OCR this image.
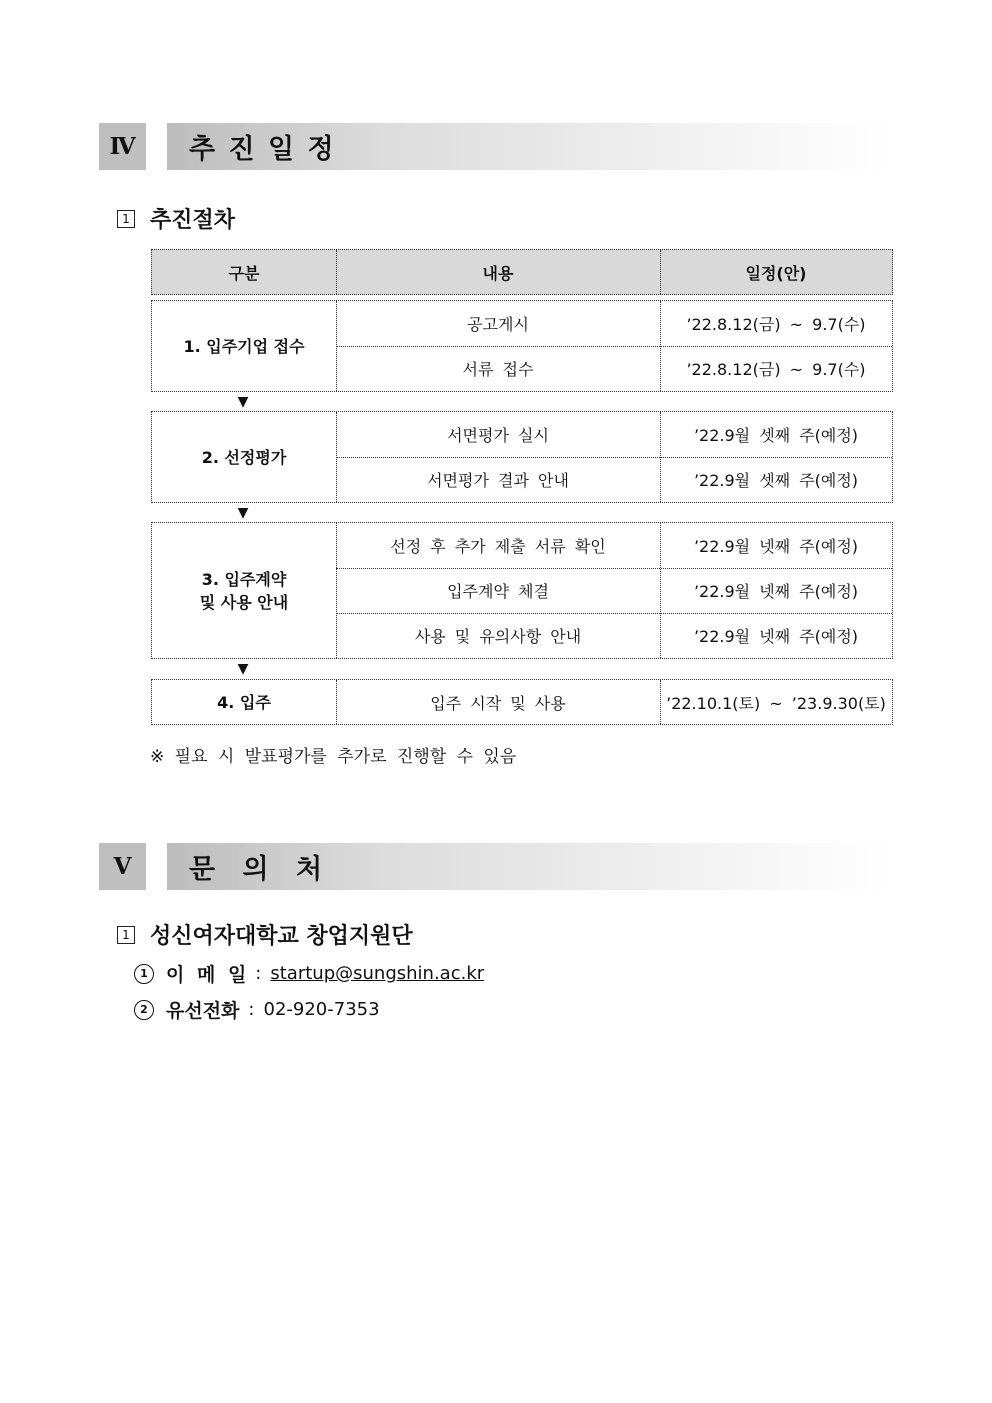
Ⅳ	추 진 일 정
1 추진절차
구분	내용	일정(안)
1. 입주기업 접수
공고게시	’22.8.12(금) ~ 9.7(수)
서류 접수	’22.8.12(금) ~ 9.7(수)
▼
2. 선정평가
서면평가 실시	’22.9월 셋째 주(예정)
서면평가 결과 안내	’22.9월 셋째 주(예정)
▼
3. 입주계약
및 사용 안내
선정 후 추가 제출 서류 확인	’22.9월 넷째 주(예정)
입주계약 체결	’22.9월 넷째 주(예정)
사용 및 유의사항 안내	’22.9월 넷째 주(예정)
▼
4. 입주	입주 시작 및 사용	’22.10.1(토) ~ ’23.9.30(토)
※ 필요 시 발표평가를 추가로 진행할 수 있음
Ⅴ	문 의 처
1 성신여자대학교 창업지원단
1 이 메 일 : startup@sungshin.ac.kr
2 유선전화 : 02-920-7353
